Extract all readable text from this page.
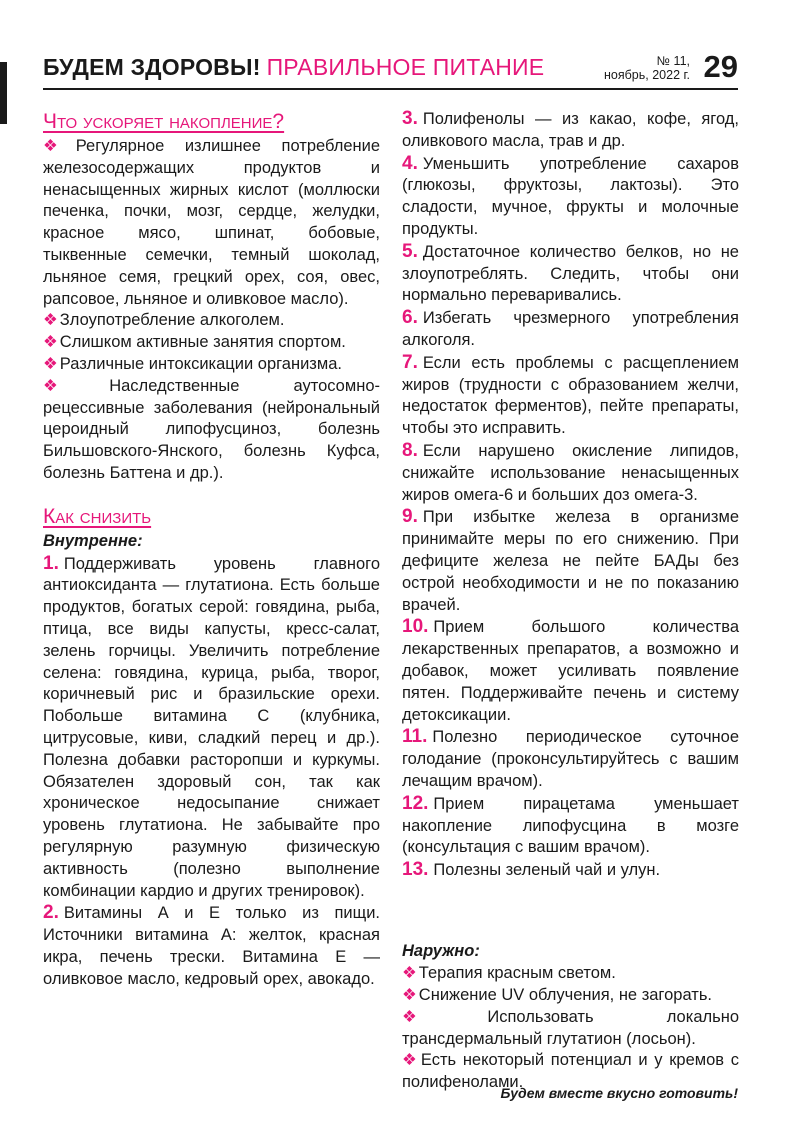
БУДЕМ ЗДОРОВЫ! ПРАВИЛЬНОЕ ПИТАНИЕ	№ 11,
ноябрь, 2022 г. 29

Что ускоряет накопление?

❖ Регулярное излишнее потребление железосодержащих продуктов и ненасыщенных жирных кислот (моллюски печенка, почки, мозг, сердце, желудки, красное мясо, шпинат, бобовые, тыквенные семечки, темный шоколад, льняное семя, грецкий орех, соя, овес, рапсовое, льняное и оливковое масло).

❖ Злоупотребление алкоголем.

❖ Слишком активные занятия спортом.

❖ Различные интоксикации организма.

❖ Наследственные аутосомно-рецессивные заболевания (нейрональный цероидный липофусциноз, болезнь Бильшовского-Янского, болезнь Куфса, болезнь Баттена и др.).

Как снизить

Внутренне:

1. Поддерживать уровень главного антиоксиданта — глутатиона. Есть больше продуктов, богатых серой: говядина, рыба, птица, все виды капусты, кресс-салат, зелень горчицы. Увеличить потребление селена: говядина, курица, рыба, творог, коричневый рис и бразильские орехи. Побольше витамина С (клубника, цитрусовые, киви, сладкий перец и др.). Полезна добавки расторопши и куркумы. Обязателен здоровый сон, так как хроническое недосыпание снижает уровень глутатиона. Не забывайте про регулярную разумную физическую активность (полезно выполнение комбинации кардио и других тренировок).

2. Витамины А и Е только из пищи. Источники витамина А: желток, красная икра, печень трески. Витамина Е — оливковое масло, кедровый орех, авокадо.

3. Полифенолы — из какао, кофе, ягод, оливкового масла, трав и др.

4. Уменьшить употребление сахаров (глюкозы, фруктозы, лактозы). Это сладости, мучное, фрукты и молочные продукты.

5. Достаточное количество белков, но не злоупотреблять. Следить, чтобы они нормально переваривались.

6. Избегать чрезмерного употребления алкоголя.

7. Если есть проблемы с расщеплением жиров (трудности с образованием желчи, недостаток ферментов), пейте препараты, чтобы это исправить.

8. Если нарушено окисление липидов, снижайте использование ненасыщенных жиров омега-6 и больших доз омега-3.

9. При избытке железа в организме принимайте меры по его снижению. При дефиците железа не пейте БАДы без острой необходимости и не по показанию врачей.

10. Прием большого количества лекарственных препаратов, а возможно и добавок, может усиливать появление пятен. Поддерживайте печень и систему детоксикации.

11. Полезно периодическое суточное голодание (проконсультируйтесь с вашим лечащим врачом).

12. Прием пирацетама уменьшает накопление липофусцина в мозге (консультация с вашим врачом).

13. Полезны зеленый чай и улун.

Наружно:

❖ Терапия красным светом.

❖ Снижение UV облучения, не загорать.

❖ Использовать локально трансдермальный глутатион (лосьон).

❖ Есть некоторый потенциал и у кремов с полифенолами.

Будем вместе вкусно готовить!
